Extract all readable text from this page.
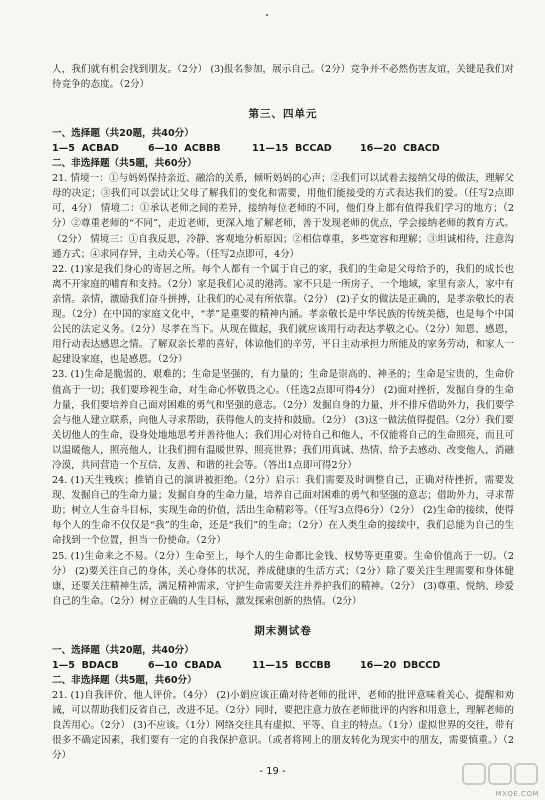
人，我们就有机会找到朋友。（2分） (3)报名参加，展示自己。（2分）竞争并不必然伤害友谊，关键是我们对待竞争的态度。（2分）

第三、四单元

一、选择题（共20题，共40分）

1—5  ACBAD	6—10  ACBBB	11—15  BCCAD	16—20  CBACD

二、非选择题（共5题，共60分）

21. 情境一：①与妈妈保持亲近、融洽的关系，倾听妈妈的心声；②我们可以试着去接纳父母的做法，理解父母的决定；③我们可以尝试让父母了解我们的变化和需要，用他们能接受的方式表达我们的爱。（任写2点即可，4分） 情境二：①承认老师之间的差异，接纳每位老师的不同，他们身上都有值得我们学习的地方；（2分）②尊重老师的“不同”，走近老师，更深入地了解老师，善于发现老师的优点，学会接纳老师的教育方式。（2分） 情境三：①自我反思，冷静、客观地分析原因；②相信尊重，多些宽容和理解；③坦诚相待，注意沟通方式；④求同存异，主动关心等。（任写2点即可，4分）

22. (1)家是我们身心的寄居之所。每个人都有一个属于自己的家，我们的生命是父母给予的，我们的成长也离不开家庭的哺育和支持。（2分）家是我们心灵的港湾。家不只是一所房子、一个地域，家里有亲人，家中有亲情。亲情，激励我们奋斗拼搏，让我们的心灵有所依靠。（2分） (2)子女的做法是正确的，是孝亲敬长的表现。（2分）在中国的家庭文化中，“孝”是重要的精神内涵。孝亲敬长是中华民族的传统美德，也是每个中国公民的法定义务。（2分）尽孝在当下。从现在做起，我们就应该用行动表达孝敬之心。（2分）知恩、感恩，用行动表达感恩之情。了解双亲长辈的喜好，体谅他们的辛劳，平日主动承担力所能及的家务劳动，和家人一起建设家庭，也是感恩。（2分）

23. (1)生命是脆弱的、艰难的；生命是坚强的，有力量的；生命是崇高的、神圣的；生命是宝贵的，生命价值高于一切；我们要珍视生命，对生命心怀敬畏之心。（任选2点即可得4分） (2)面对挫折，发掘自身的生命力量，我们要培养自己面对困难的勇气和坚强的意志。（2分）发掘自身的力量，并不排斥借助外力，我们要学会与他人建立联系，向他人寻求帮助，获得他人的支持和鼓励。（2分） (3)这一做法值得提倡。（2分）我们要关切他人的生命，设身处地地思考并善待他人；我们用心对待自己和他人，不仅能将自己的生命照亮，而且可以温暖他人，照亮他人，让我们拥有温暖世界、照亮世界；我们用真诚、热情、给予去感动、改变他人，消融冷漠，共同营造一个互信、友善、和谐的社会等。（答出1点即可得2分）

24. (1)天生残疾；推销自己的演讲被拒绝。（2分）启示：我们需要及时调整自己，正确对待挫折，需要发现、发掘自己的生命力量；发掘自身的生命力量，培养自己面对困难的勇气和坚强的意志；借助外力，寻求帮助；树立人生奋斗目标，实现生命的价值，活出生命精彩等。（任写3点得6分）（2分） (2)生命的接续，使得每个人的生命不仅仅是“我”的生命，还是“我们”的生命；（2分）在人类生命的接续中，我们总能为自己的生命找到一个位置，担当一份使命。（2分）

25. (1)生命来之不易。（2分）生命至上，每个人的生命都比金钱、权势等更重要。生命价值高于一切。（2分） (2)要关注自己的身体，关心身体的状况，养成健康的生活方式；（2分）除了要关注生理需要和身体健康，还要关注精神生活，满足精神需求，守护生命需要关注并养护我们的精神。（2分） (3)尊重、悦纳、珍爱自己的生命。（2分）树立正确的人生目标，激发探索创新的热情。（2分）

期末测试卷

一、选择题（共20题，共40分）

1—5  BDACB	6—10  CBADA	11—15  BCCBB	16—20  DBCCD

二、非选择题（共5题，共60分）

21. (1)自我评价、他人评价。（4分） (2)小娟应该正确对待老师的批评，老师的批评意味着关心、提醒和劝诫，可以帮助我们反省自己，改进不足。（2分）同时，要把注意力放在老师批评的内容和用意上，理解老师的良苦用心。（2分） (3)不应该。（1分）网络交往具有虚拟、平等、自主的特点。（1分）虚拟世界的交往，带有很多不确定因素，我们要有一定的自我保护意识。（或者将网上的朋友转化为现实中的朋友，需要慎重。）（2分）

- 19 -
MXQE.COM
